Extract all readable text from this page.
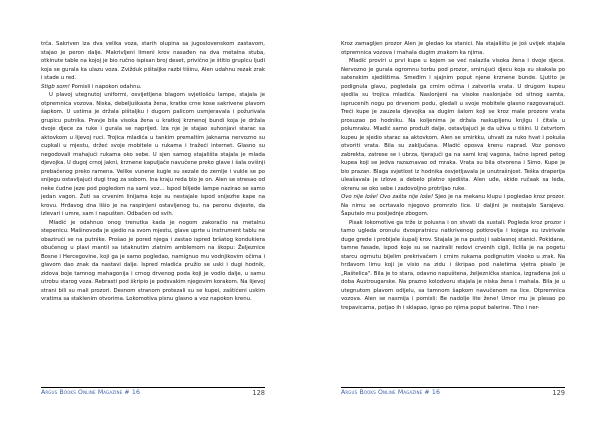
trča. Sakriven iza dva velika voza, starih olupina sa jugoslovenskom zastavom, stajao je peron dalje. Makrivljeni limeni krov nasađen na dva metalna stuba, otkinute table na kojoj je bio ručno ispisan broj deset, privično je štitio gruplcu ljudi koja se gurala ka ulazu voza. Zvižduk pištaljke razbi tišinu, Alen udahnu rezak zrak i stade u red.

Stigb som! Pomisli i napokon odahnu.

U plavoj utegnutoj uniformi, osvijetljena blagom svjetlošću lampe, stajala je otpremnica vozova. Niska, debeljuškasta žena, kratke crne kose sakrivene plavom šapkom. U ustima je držala pištaljku i dugom palicom usmjeravala i požurivala grupicu putnika. Pravje bila visoka žena u kratkoj krznenoj bundi koja je držala dvoje djece za ruke i gurala se naprijed. Iza nje je stajao suhonjavi starac sa aktovkom u lijevoj ruci. Trojica mladića u tankim premaltim jaknama nervozno su cupkali u mjestu, držeć svoje mobitele u rukama i tražeći internet. Glasno su negodovali mahajući rukama oko sebe. U sjen samog stajališta stajala je mlada djevojka. U dugoj crnoj jakni, krznene kapuljače navučene preko glave i šala ovišnji prebačenog preko ramena. Velike vunene kugle su sezale do zemlje i vukle se po snijegu ostavljajući dugi trag za sobom. Ina kraju reda bio je on. Alen se stresao od neke čudne jeze pod pogledom na sami voz... Ispod blijede lampe nazirao se samo jedan vagon. Žuti sa crvenim linijama koje su nestajale ispod snijezhe kape na krovu. Hrđavog dna lišio je na raspinjeni ostavljenog tu, na peronu dvjeste, da izlevari i umre, sam i napušten. Odbačen od svih.

Mladić je odahnuo onog trenutka kada je nogom zakoračio na metalnu stepenicu. Mašinovođa je sjedio na svom mjestu, glave uprte u instrument tablu ne obazirući se na putnike. Prošao je pored njega i zastao ispred bršatog kondukiera obučenog u plavi mantil sa istaknutim zlatnim amblemom na škopu: Željeznice Bosne i Hercegovine, koji ga je samo pogledao, namignuo mu vodnjikovim očima i glavom dao znak da nastavi dalje. Ispred mladića pružio se uski i dugi hodnik, zidova boje tamnog mahagonija i crnog drvenog poda koji je vodio dalje, u samu utrobu starog voza. Rebrasti pod škripio je podsvakim njegovim korakom. Na lijevoj strani bili su mali prozori. Desnom stranom protezali su se kupei, zaštićeni uskim vratima sa staklenim otvorima. Lokomotiva pisnu glasno a voz napokon krenu.

Argus Books Online Magazine # 16	128

Kroz zamagljen prozor Alen je gledao ka stanici. Na stajalištu je još uvijek stajala otpremnica vozova i mahala dugim znakom ka njima.

Mladić proviri u prvi kupe u kojem se već nalazila visoka žena i dvoje djece. Nervozno je gurala ogromnu torbu pod prozor, smirujući djecu koja su skakala po satenskim sjedištima. Smeđim i sjajnim poput njene krznene bunde. Ljutito je podignula glavu, pogledala ga crnim očima i zatvorila vrata. U drugom kupeu sjedila su trojica mladića. Naslonjeni na visoke naslonjače od sitnog samta, isprucenih nogu po drvenom podu, gledali u svoje mobitele glasno razgovarajući. Treći kupe je zauzela djevojka sa dugim šalom koji se kroz male prozore vrata prosuzao po hodniku. Na koljenima je držala raskupljenu knjigu i čitala u polumraku. Mladić samo produži dalje, ostavljajući je da uživa u tišini. U četvrtom kupeu je sjedio starac sa aktovkom. Alen se smirkku, uhvati za ruko hvat i pokuša otvoriti vrata. Bila su zaključana. Mladić oposva krenu naprad. Voz ponovo zabrekta, zatrese se i ubrza, tjerajući ga na sami kraj vagona, tačno ispred petog kupea koji se jedva razaznavao od mraka. Vrata su bila otvorena i Simo. Kupe je bio prazan. Blaga svjetlost iz hodnika osvjetljavala je unutrašnjost. Teška draperija uleašavala je izlove a debelo platno sjedišta. Alen uđe, skide ručaak sa leđa, okrenu se oko sebe i zadovoljno protrljao ruke.

Ovo nije loše! Ovo zašta nije loše! Sjeo je na mekanu klupu i pogledao kroz prozor. Na nimu se ocrtavalo njegovo promrzlo lice. U daljini je nestajalo Sarajevo. Šaputalo mu posljednje zbogom.

Pisak lokomotive ga trže iz polusna i on shvati da sustali. Pogleda kroz prozor i tamo ugleda oronulu dvospratnicu natkrivenog potkrovlja i kojega su izvirivale duge grede i probijale šupalj krov. Stajala je na pustoj i sablasnoj stanici. Pokidane, tamne fasade, ispod koje su se naziralii redovi crvenih cigli, liclila je na pogetu starcu ogrnutu bijelim prekrivačem i crnim rukama podignutim visoko u zrak. Na hrđavom limu koji je visio na zidu i škripao pod naletima vjetra pisalo je „Raštelica". Bila je to stara, odavno napuštena, željeznička stanica, izgrađena još u doba Austrougarske. Na prazno kolodvoru stajala je niska žena i mahala. Bila je u utegnutom plavom odijelu, sa tamnom šapkom navučenom na lice. Otpremnica vozova. Alen se nasmija i pomisli: Be nadolje lite žene! Umor mu je plesao po trepavicama, potjao ih i sklapao, igrao po njima poput balerine. Tiho i ner-

Argus Books Online Magazine # 16	129
